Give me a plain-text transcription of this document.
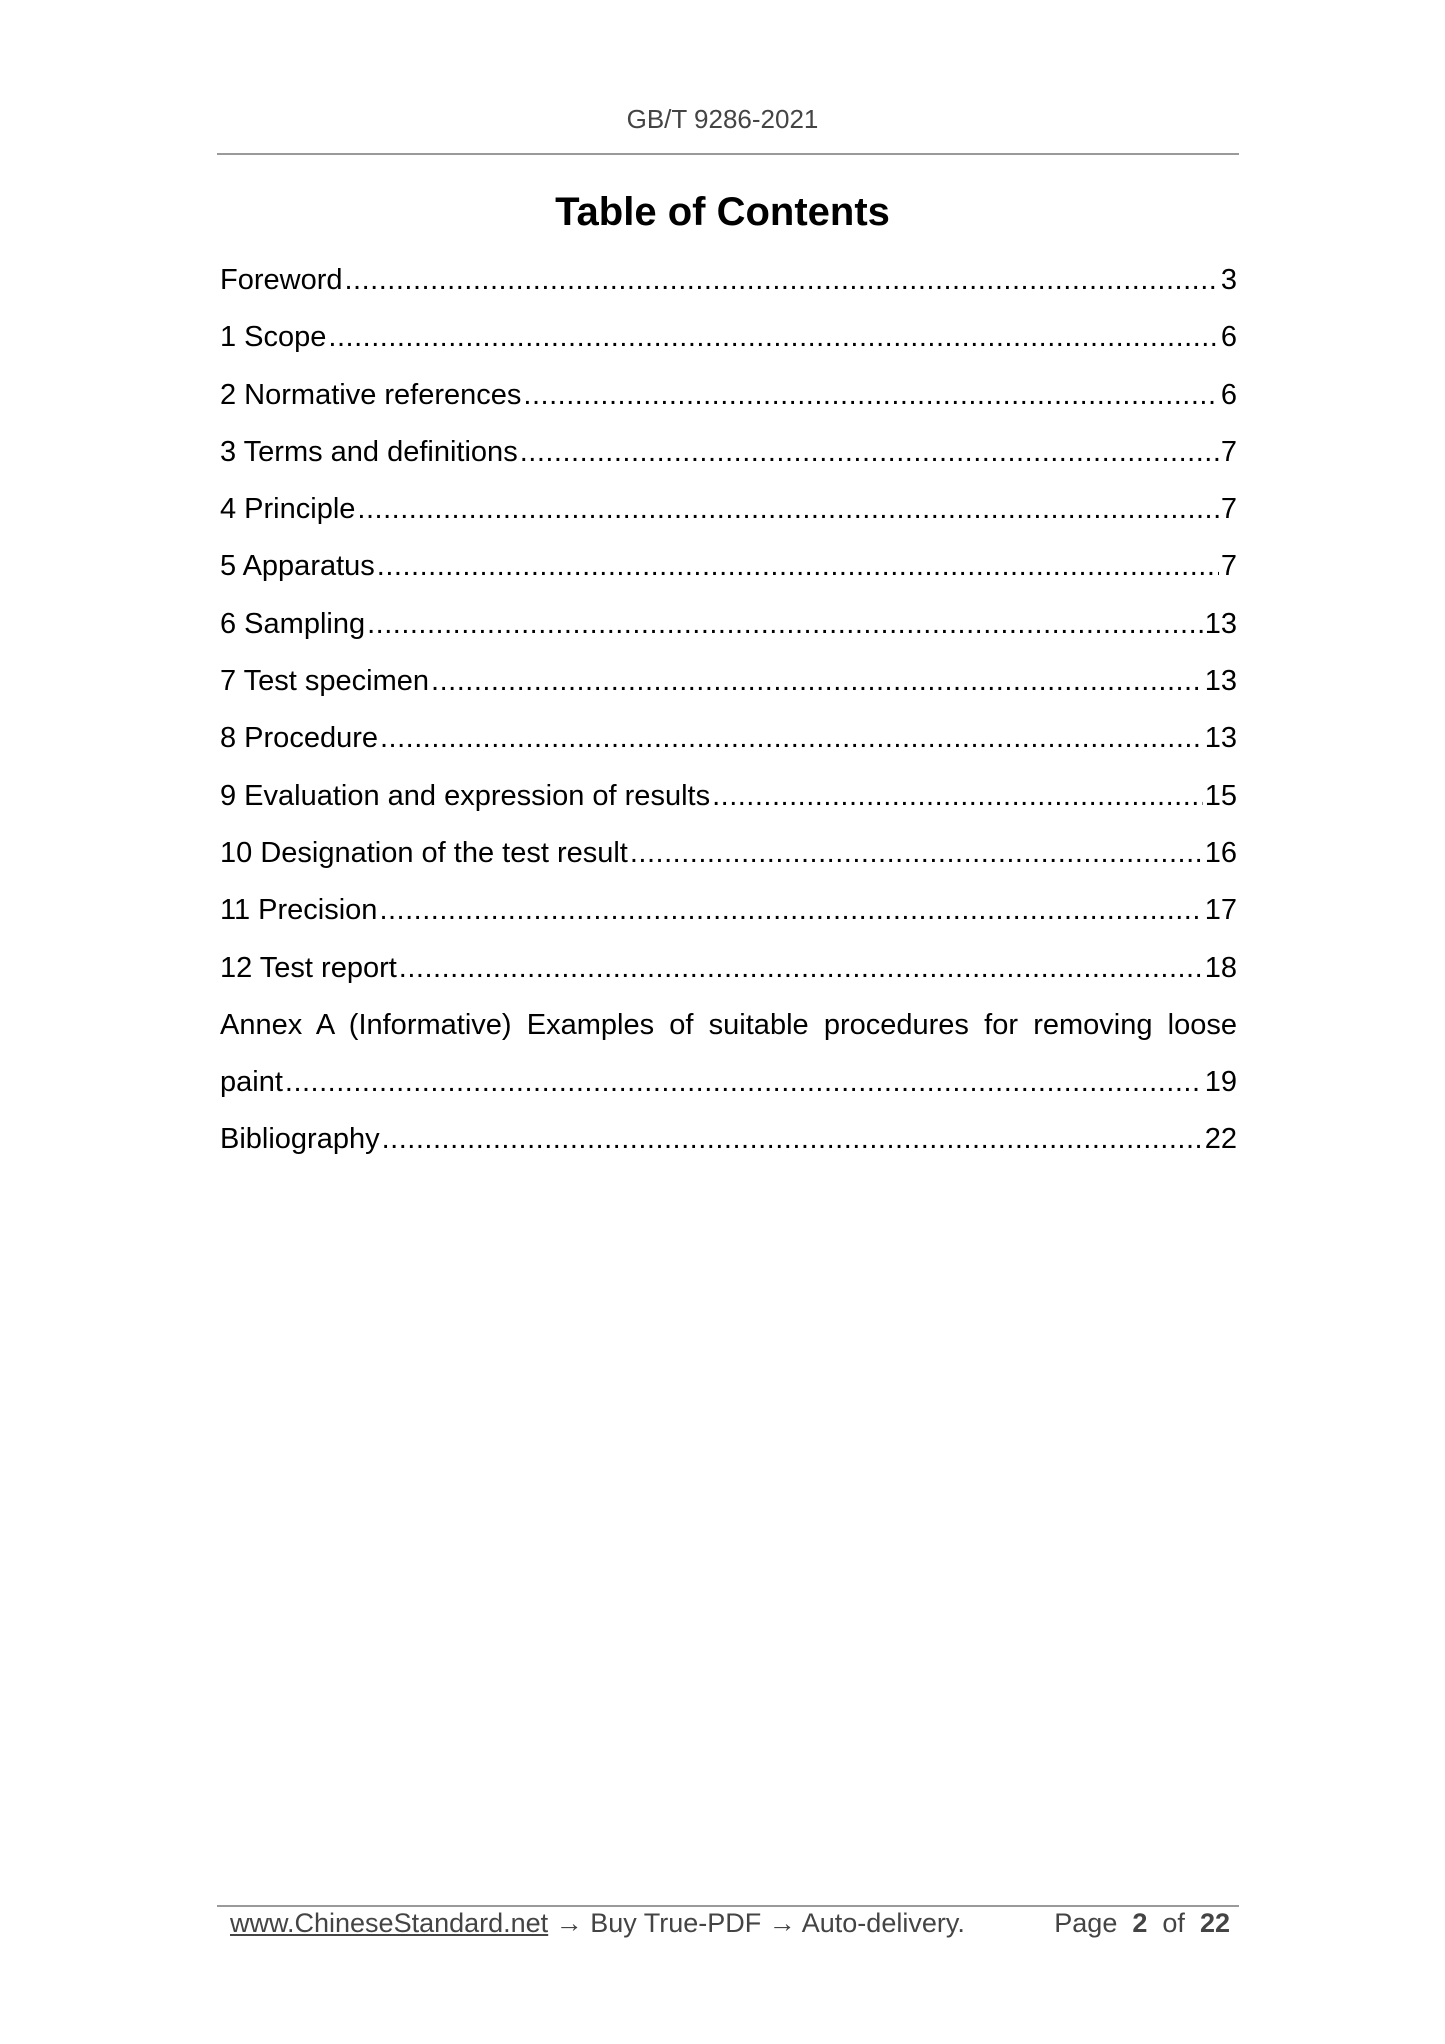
GB/T 9286-2021
Table of Contents
Foreword .....	3
1 Scope .....	6
2 Normative references .....	6
3 Terms and definitions .....	7
4 Principle .....	7
5 Apparatus .....	7
6 Sampling .....	13
7 Test specimen .....	13
8 Procedure .....	13
9 Evaluation and expression of results .....	15
10 Designation of the test result .....	16
11 Precision .....	17
12 Test report .....	18
Annex A (Informative) Examples of suitable procedures for removing loose
paint .....	19
Bibliography .....	22
www.ChineseStandard.net → Buy True-PDF → Auto-delivery.	Page 2 of 22
